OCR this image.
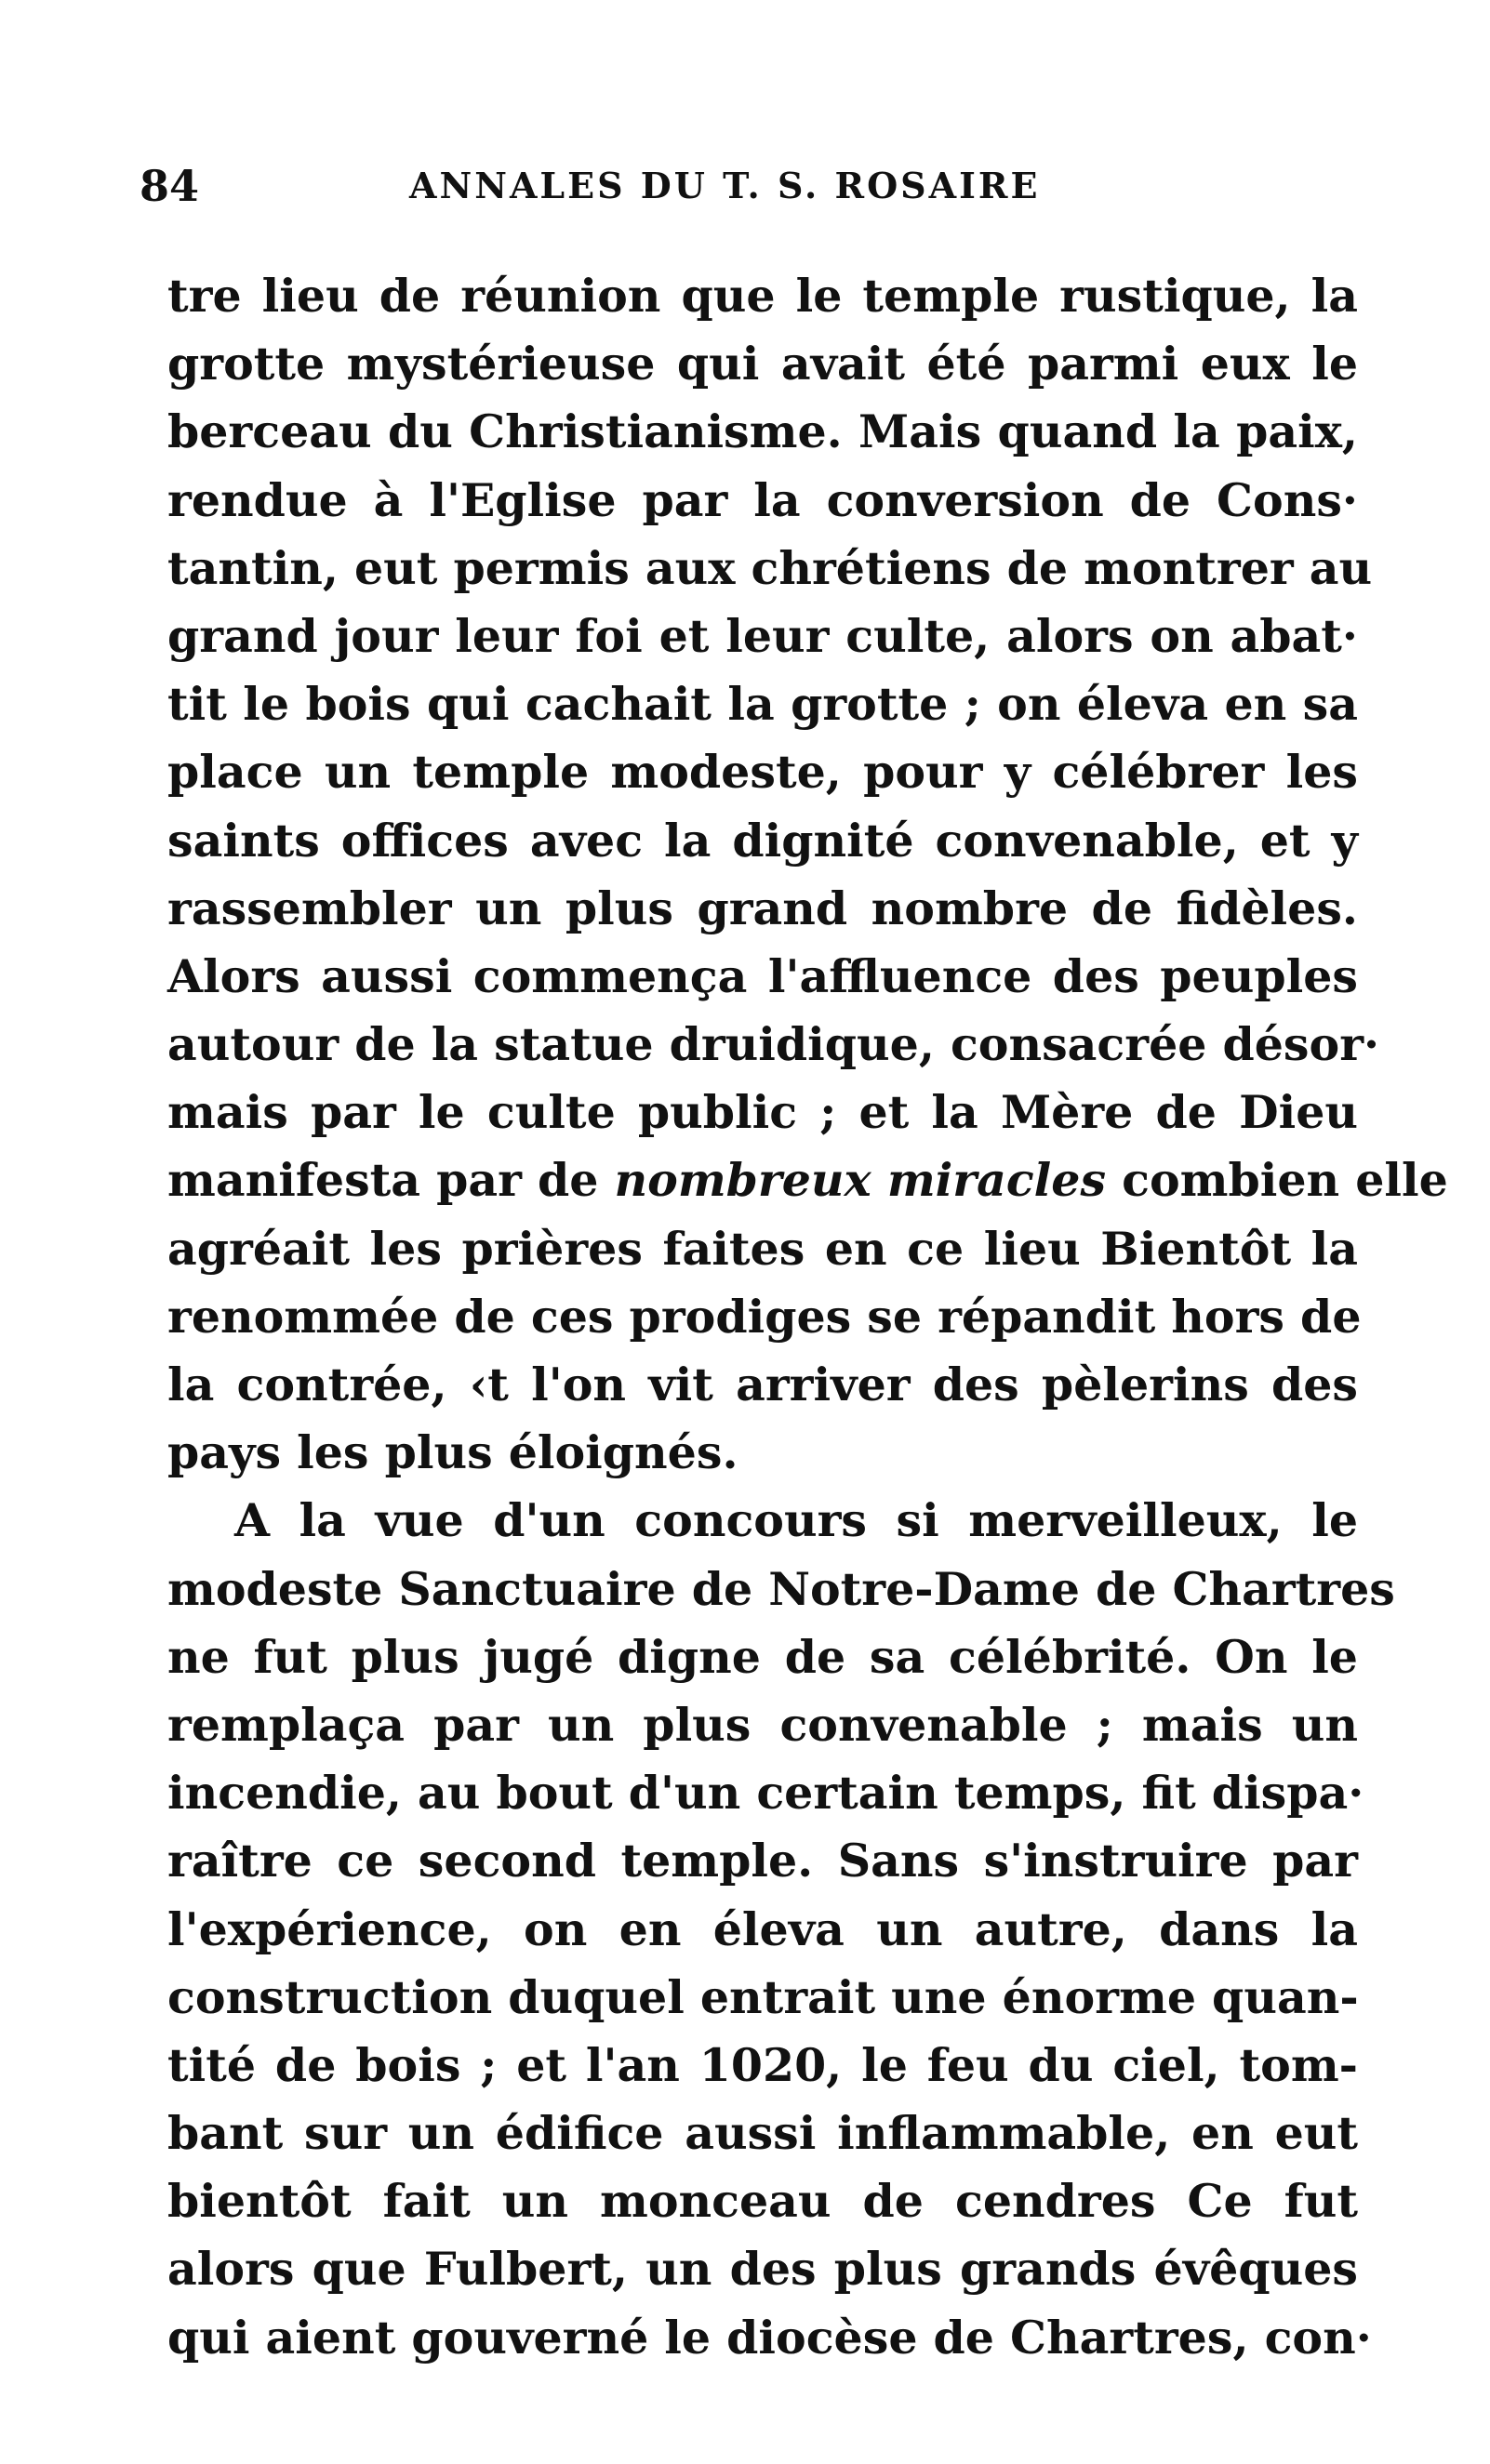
84	ANNALES DU T. S. ROSAIRE
tre lieu de réunion que le temple rustique, la
grotte mystérieuse qui avait été parmi eux le
berceau du Christianisme. Mais quand la paix,
rendue à l'Eglise par la conversion de Cons·
tantin, eut permis aux chrétiens de montrer au
grand jour leur foi et leur culte, alors on abat·
tit le bois qui cachait la grotte ; on éleva en sa
place un temple modeste, pour y célébrer les
saints offices avec la dignité convenable, et y
rassembler un plus grand nombre de fidèles.
Alors aussi commença l'affluence des peuples
autour de la statue druidique, consacrée désor·
mais par le culte public ; et la Mère de Dieu
manifesta par de nombreux miracles combien elle
agréait les prières faites en ce lieu Bientôt la
renommée de ces prodiges se répandit hors de
la contrée, ‹t l'on vit arriver des pèlerins des
pays les plus éloignés.
A la vue d'un concours si merveilleux, le
modeste Sanctuaire de Notre-Dame de Chartres
ne fut plus jugé digne de sa célébrité. On le
remplaça par un plus convenable ; mais un
incendie, au bout d'un certain temps, fit dispa·
raître ce second temple. Sans s'instruire par
l'expérience, on en éleva un autre, dans la
construction duquel entrait une énorme quan-
tité de bois ; et l'an 1020, le feu du ciel, tom-
bant sur un édifice aussi inflammable, en eut
bientôt fait un monceau de cendres Ce fut
alors que Fulbert, un des plus grands évêques
qui aient gouverné le diocèse de Chartres, con·
